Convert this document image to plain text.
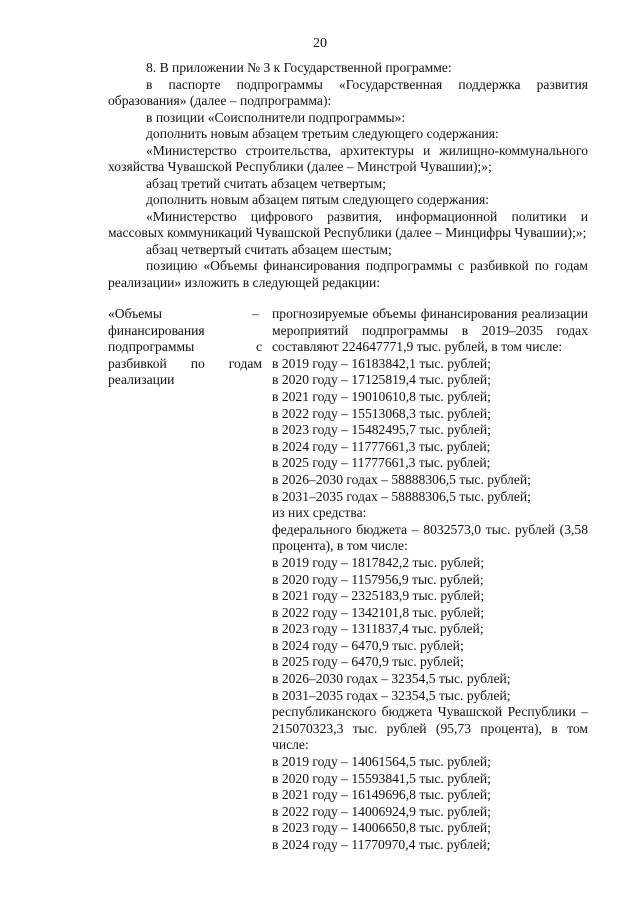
20

8. В приложении № 3 к Государственной программе:

в паспорте подпрограммы «Государственная поддержка развития образования» (далее – подпрограмма):

в позиции «Соисполнители подпрограммы»:

дополнить новым абзацем третьим следующего содержания:

«Министерство строительства, архитектуры и жилищно-коммунального хозяйства Чувашской Республики (далее – Минстрой Чувашии);»;

абзац третий считать абзацем четвертым;

дополнить новым абзацем пятым следующего содержания:

«Министерство цифрового развития, информационной политики и массовых коммуникаций Чувашской Республики (далее – Минцифры Чувашии);»;

абзац четвертый считать абзацем шестым;

позицию «Объемы финансирования подпрограммы с разбивкой по годам реализации» изложить в следующей редакции:

«Объемы финансирования подпрограммы с разбивкой по годам реализации

– прогнозируемые объемы финансирования реализации мероприятий подпрограммы в 2019–2035 годах составляют 224647771,9 тыс. рублей, в том числе:

в 2019 году – 16183842,1 тыс. рублей;

в 2020 году – 17125819,4 тыс. рублей;

в 2021 году – 19010610,8 тыс. рублей;

в 2022 году – 15513068,3 тыс. рублей;

в 2023 году – 15482495,7 тыс. рублей;

в 2024 году – 11777661,3 тыс. рублей;

в 2025 году – 11777661,3 тыс. рублей;

в 2026–2030 годах – 58888306,5 тыс. рублей;

в 2031–2035 годах – 58888306,5 тыс. рублей;

из них средства:

федерального бюджета – 8032573,0 тыс. рублей (3,58 процента), в том числе:

в 2019 году – 1817842,2 тыс. рублей;

в 2020 году – 1157956,9 тыс. рублей;

в 2021 году – 2325183,9 тыс. рублей;

в 2022 году – 1342101,8 тыс. рублей;

в 2023 году – 1311837,4 тыс. рублей;

в 2024 году – 6470,9 тыс. рублей;

в 2025 году – 6470,9 тыс. рублей;

в 2026–2030 годах – 32354,5 тыс. рублей;

в 2031–2035 годах – 32354,5 тыс. рублей;

республиканского бюджета Чувашской Республики – 215070323,3 тыс. рублей (95,73 процента), в том числе:

в 2019 году – 14061564,5 тыс. рублей;

в 2020 году – 15593841,5 тыс. рублей;

в 2021 году – 16149696,8 тыс. рублей;

в 2022 году – 14006924,9 тыс. рублей;

в 2023 году – 14006650,8 тыс. рублей;

в 2024 году – 11770970,4 тыс. рублей;
